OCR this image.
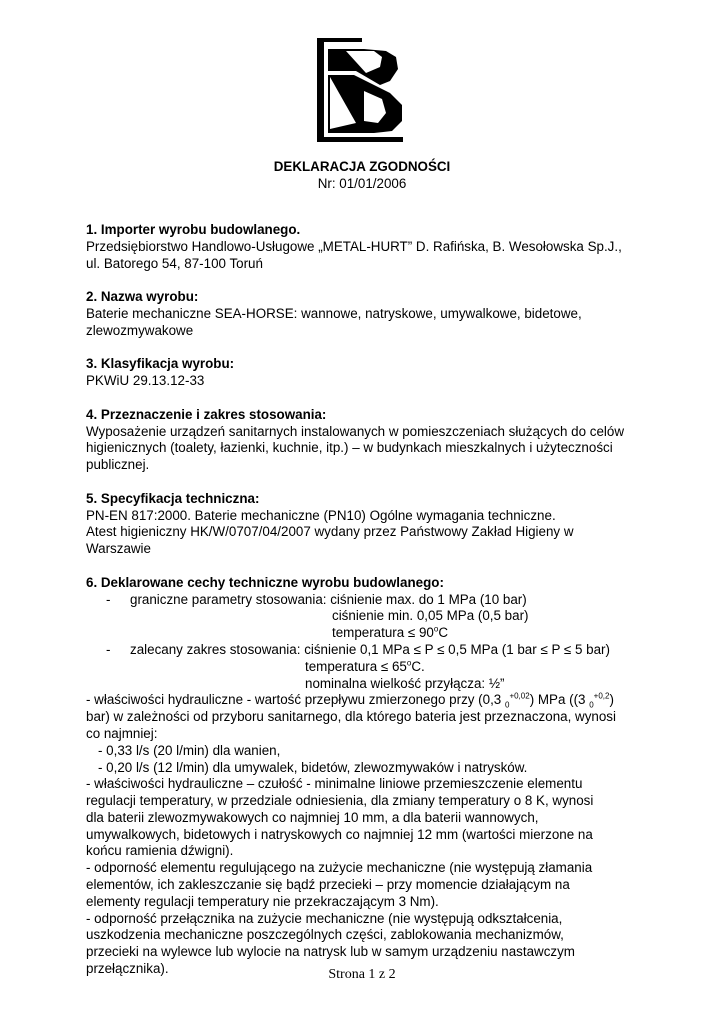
DEKLARACJA ZGODNOŚCI
Nr: 01/01/2006
1. Importer wyrobu budowlanego.
Przedsiębiorstwo Handlowo-Usługowe „METAL-HURT” D. Rafińska, B. Wesołowska Sp.J.,
ul. Batorego 54, 87-100 Toruń
2. Nazwa wyrobu:
Baterie mechaniczne SEA-HORSE: wannowe, natryskowe, umywalkowe, bidetowe,
zlewozmywakowe
3. Klasyfikacja wyrobu:
PKWiU 29.13.12-33
4. Przeznaczenie i zakres stosowania:
Wyposażenie urządzeń sanitarnych instalowanych w pomieszczeniach służących do celów
higienicznych (toalety, łazienki, kuchnie, itp.) – w budynkach mieszkalnych i użyteczności
publicznej.
5. Specyfikacja techniczna:
PN-EN 817:2000. Baterie mechaniczne (PN10) Ogólne wymagania techniczne.
Atest higieniczny HK/W/0707/04/2007 wydany przez Państwowy Zakład Higieny w
Warszawie
6. Deklarowane cechy techniczne wyrobu budowlanego:
-	graniczne parametry stosowania:
ciśnienie max. do 1 MPa (10 bar)
ciśnienie min. 0,05 MPa (0,5 bar)
temperatura ≤ $90^oC$
-	zalecany zakres stosowania:
ciśnienie 0,1 MPa ≤ P ≤ 0,5 MPa (1 bar ≤ P ≤ 5 bar)
temperatura ≤ $65^oC$.
nominalna wielkość przyłącza: ½”
- właściwości hydrauliczne - wartość przepływu zmierzonego przy (0,3 $_0^{+0,02}$) MPa ((3 $_0^{+0,2}$)
bar) w zależności od przyboru sanitarnego, dla którego bateria jest przeznaczona, wynosi
co najmniej:
- 0,33 l/s (20 l/min) dla wanien,
- 0,20 l/s (12 l/min) dla umywalek, bidetów, zlewozmywaków i natrysków.
- właściwości hydrauliczne – czułość - minimalne liniowe przemieszczenie elementu
regulacji temperatury, w przedziale odniesienia, dla zmiany temperatury o 8 K, wynosi
dla baterii zlewozmywakowych co najmniej 10 mm, a dla baterii wannowych,
umywalkowych, bidetowych i natryskowych co najmniej 12 mm (wartości mierzone na
końcu ramienia dźwigni).
- odporność elementu regulującego na zużycie mechaniczne (nie występują złamania
elementów, ich zakleszczanie się bądź przecieki – przy momencie działającym na
elementy regulacji temperatury nie przekraczającym 3 Nm).
- odporność przełącznika na zużycie mechaniczne (nie występują odkształcenia,
uszkodzenia mechaniczne poszczególnych części, zablokowania mechanizmów,
przecieki na wylewce lub wylocie na natrysk lub w samym urządzeniu nastawczym
przełącznika).	Strona 1 z 2
